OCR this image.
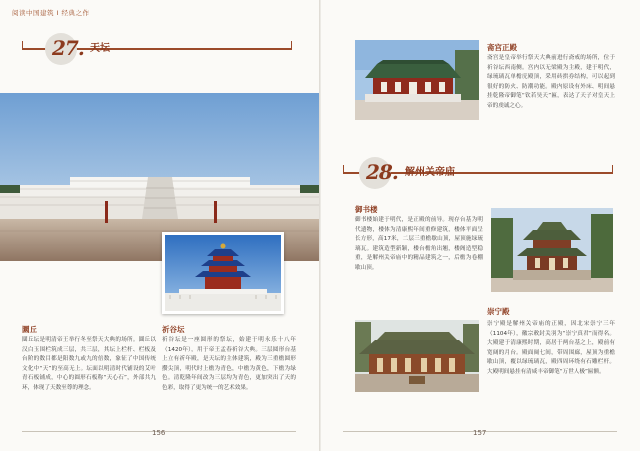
阅读中国建筑 Ⅰ 经典之作
27. 天坛
圜丘
圜丘坛是明清帝王举行冬至祭天大典的场所。圜丘以汉白玉围栏筑成三层，共三层，其坛上栏杆、栏板及台阶的数目都是阳数九或九的倍数，象征了中国传统文化中“天”的至高无上。坛面以明清时代铺设的艾叶青石板铺成，中心的圆形石板称“天心石”，外部共九环，体现了天数至尊的理念。
祈谷坛
祈谷坛是一座圆形的祭坛，始建于明永乐十八年（1420年），用于帝王孟春祈谷大典。三层圆形台基上立有祈年殿，是天坛的主体建筑，殿为三重檐圆形攒尖顶，明代时上檐为青色，中檐为黄色，下檐为绿色。清乾隆年间改为三层均为青色，更加突出了天的色彩，取得了更为统一的艺术效果。
156
斋宫正殿
斋宫是皇帝举行祭天大典前进行斋戒的场所，位于祈谷坛西南侧。宫内以无梁殿为主殿，建于明代，绿琉璃瓦单檐庑殿顶，采用砖拱券结构，可以起到很好的防火、防潮功能。殿内原设有外床、明间悬挂乾隆帝御笔“钦若昊天”匾，表达了天子对皇天上帝的虔诚之心。
28. 解州关帝庙
御书楼
御书楼始建于明代，是正殿的前导。现存台基为明代遗物，楼体为清康熙年间重修建筑，楼体平面呈长方形，高17米，二层三重檐歇山顶，屋顶施绿琉璃瓦。建筑造型新颖，楼台檐角出翘，楼阁造型稳重，是解州关帝庙中的精品建筑之一，后檐为卷棚歇山顶。
崇宁殿
崇宁殿是解州关帝庙的正殿，因北宋崇宁三年（1104年），徽宗敕封关羽为“崇宁真君”而得名。大殿建于清康熙时期，高居于两台基之上，殿前有宽阔的月台。殿面阔七间，带周围廊，屋顶为重檐歇山顶，覆以绿琉璃瓦，殿四周环绕有石雕栏杆。大殿明间悬挂有清咸丰帝御笔“万世人极”匾额。
157
